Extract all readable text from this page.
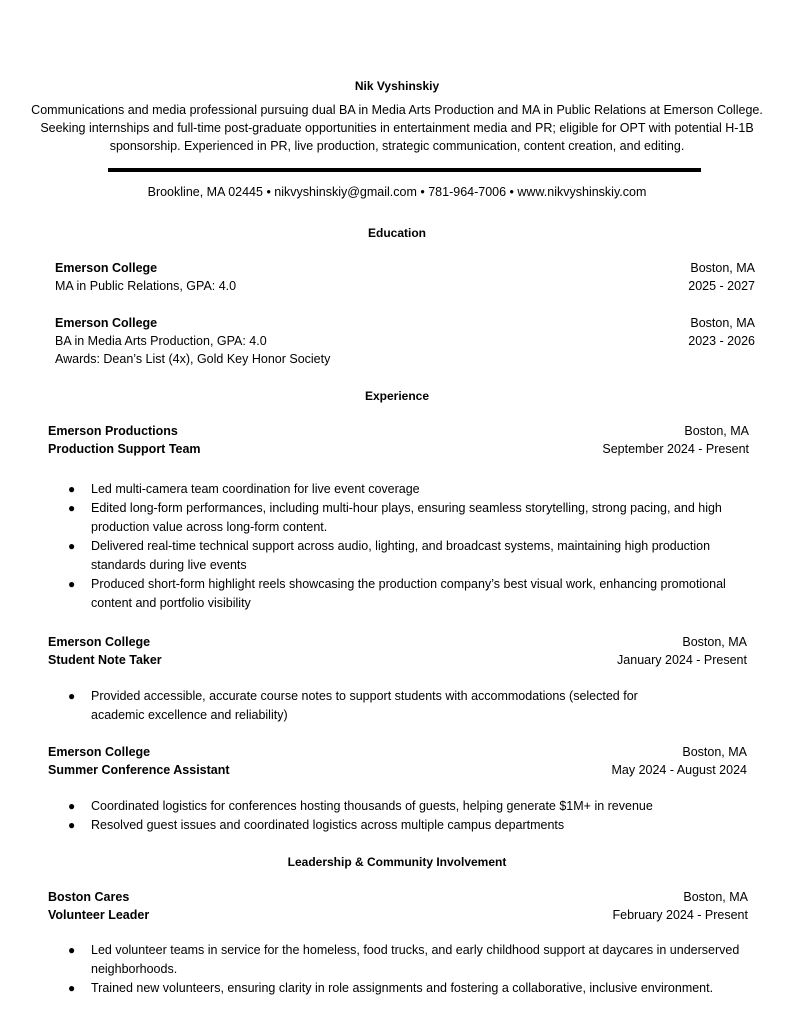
Nik Vyshinskiy
Communications and media professional pursuing dual BA in Media Arts Production and MA in Public Relations at Emerson College. Seeking internships and full-time post-graduate opportunities in entertainment media and PR; eligible for OPT with potential H-1B sponsorship. Experienced in PR, live production, strategic communication, content creation, and editing.
Brookline, MA 02445 • nikvyshinskiy@gmail.com • 781-964-7006 • www.nikvyshinskiy.com
Education
Emerson College	Boston, MA
MA in Public Relations, GPA: 4.0	2025 - 2027
Emerson College	Boston, MA
BA in Media Arts Production, GPA: 4.0	2023 - 2026
Awards: Dean’s List (4x), Gold Key Honor Society
Experience
Emerson Productions	Boston, MA
Production Support Team	September 2024 - Present
● Led multi-camera team coordination for live event coverage
● Edited long-form performances, including multi-hour plays, ensuring seamless storytelling, strong pacing, and high production value across long-form content.
● Delivered real-time technical support across audio, lighting, and broadcast systems, maintaining high production standards during live events
● Produced short-form highlight reels showcasing the production company’s best visual work, enhancing promotional content and portfolio visibility
Emerson College	Boston, MA
Student Note Taker	January 2024 - Present
● Provided accessible, accurate course notes to support students with accommodations (selected for academic excellence and reliability)
Emerson College	Boston, MA
Summer Conference Assistant	May 2024 - August 2024
● Coordinated logistics for conferences hosting thousands of guests, helping generate $1M+ in revenue
● Resolved guest issues and coordinated logistics across multiple campus departments
Leadership & Community Involvement
Boston Cares	Boston, MA
Volunteer Leader	February 2024 - Present
● Led volunteer teams in service for the homeless, food trucks, and early childhood support at daycares in underserved neighborhoods.
● Trained new volunteers, ensuring clarity in role assignments and fostering a collaborative, inclusive environment.
